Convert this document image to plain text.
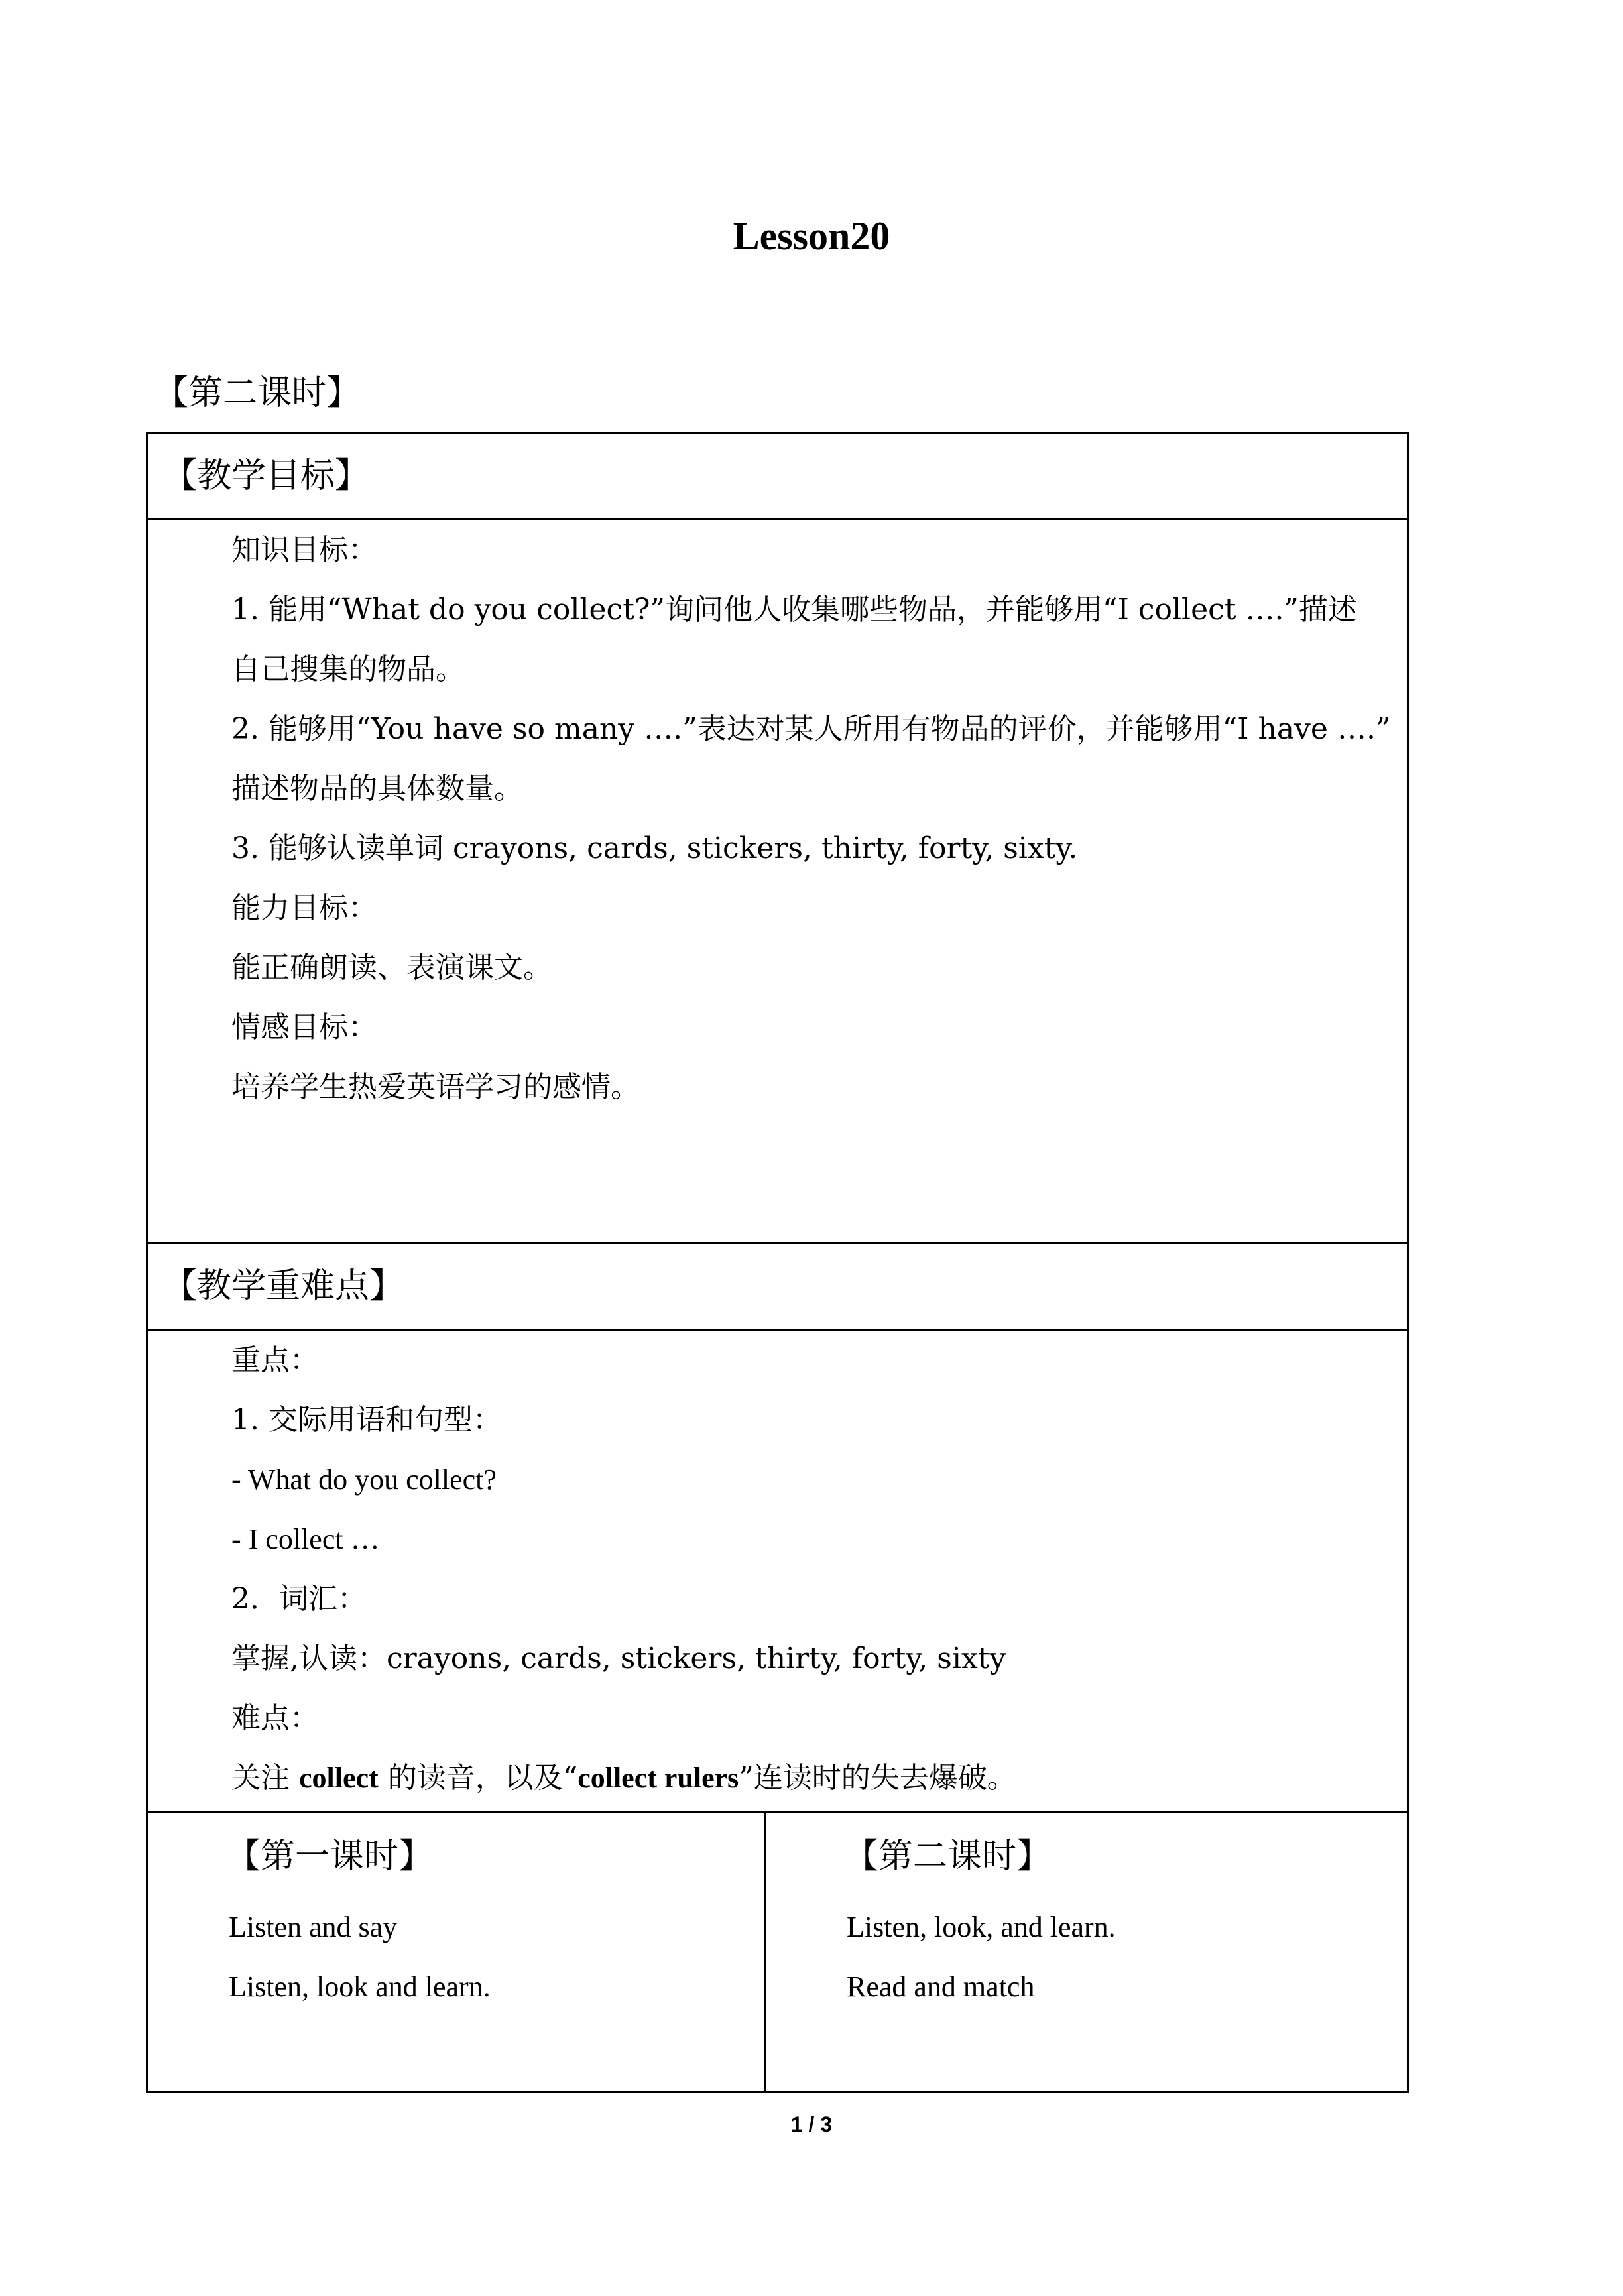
Lesson20
【第二课时】
【教学目标】

知识目标：
1. 能用“What do you collect?”询问他人收集哪些物品，并能够用“I collect ….”描述
自己搜集的物品。
2. 能够用“You have so many ….”表达对某人所用有物品的评价，并能够用“I have ….”
描述物品的具体数量。
3. 能够认读单词 crayons, cards, stickers, thirty, forty, sixty.
能力目标：
能正确朗读、表演课文。
情感目标：
培养学生热爱英语学习的感情。

【教学重难点】

重点：
1. 交际用语和句型：
- What do you collect?
- I collect …
2．词汇：
掌握,认读：crayons, cards, stickers, thirty, forty, sixty
难点：
关注 collect 的读音，以及“collect rulers”连读时的失去爆破。

【第一课时】
Listen and say
Listen, look and learn.

【第二课时】
Listen, look, and learn.
Read and match
1 / 3
